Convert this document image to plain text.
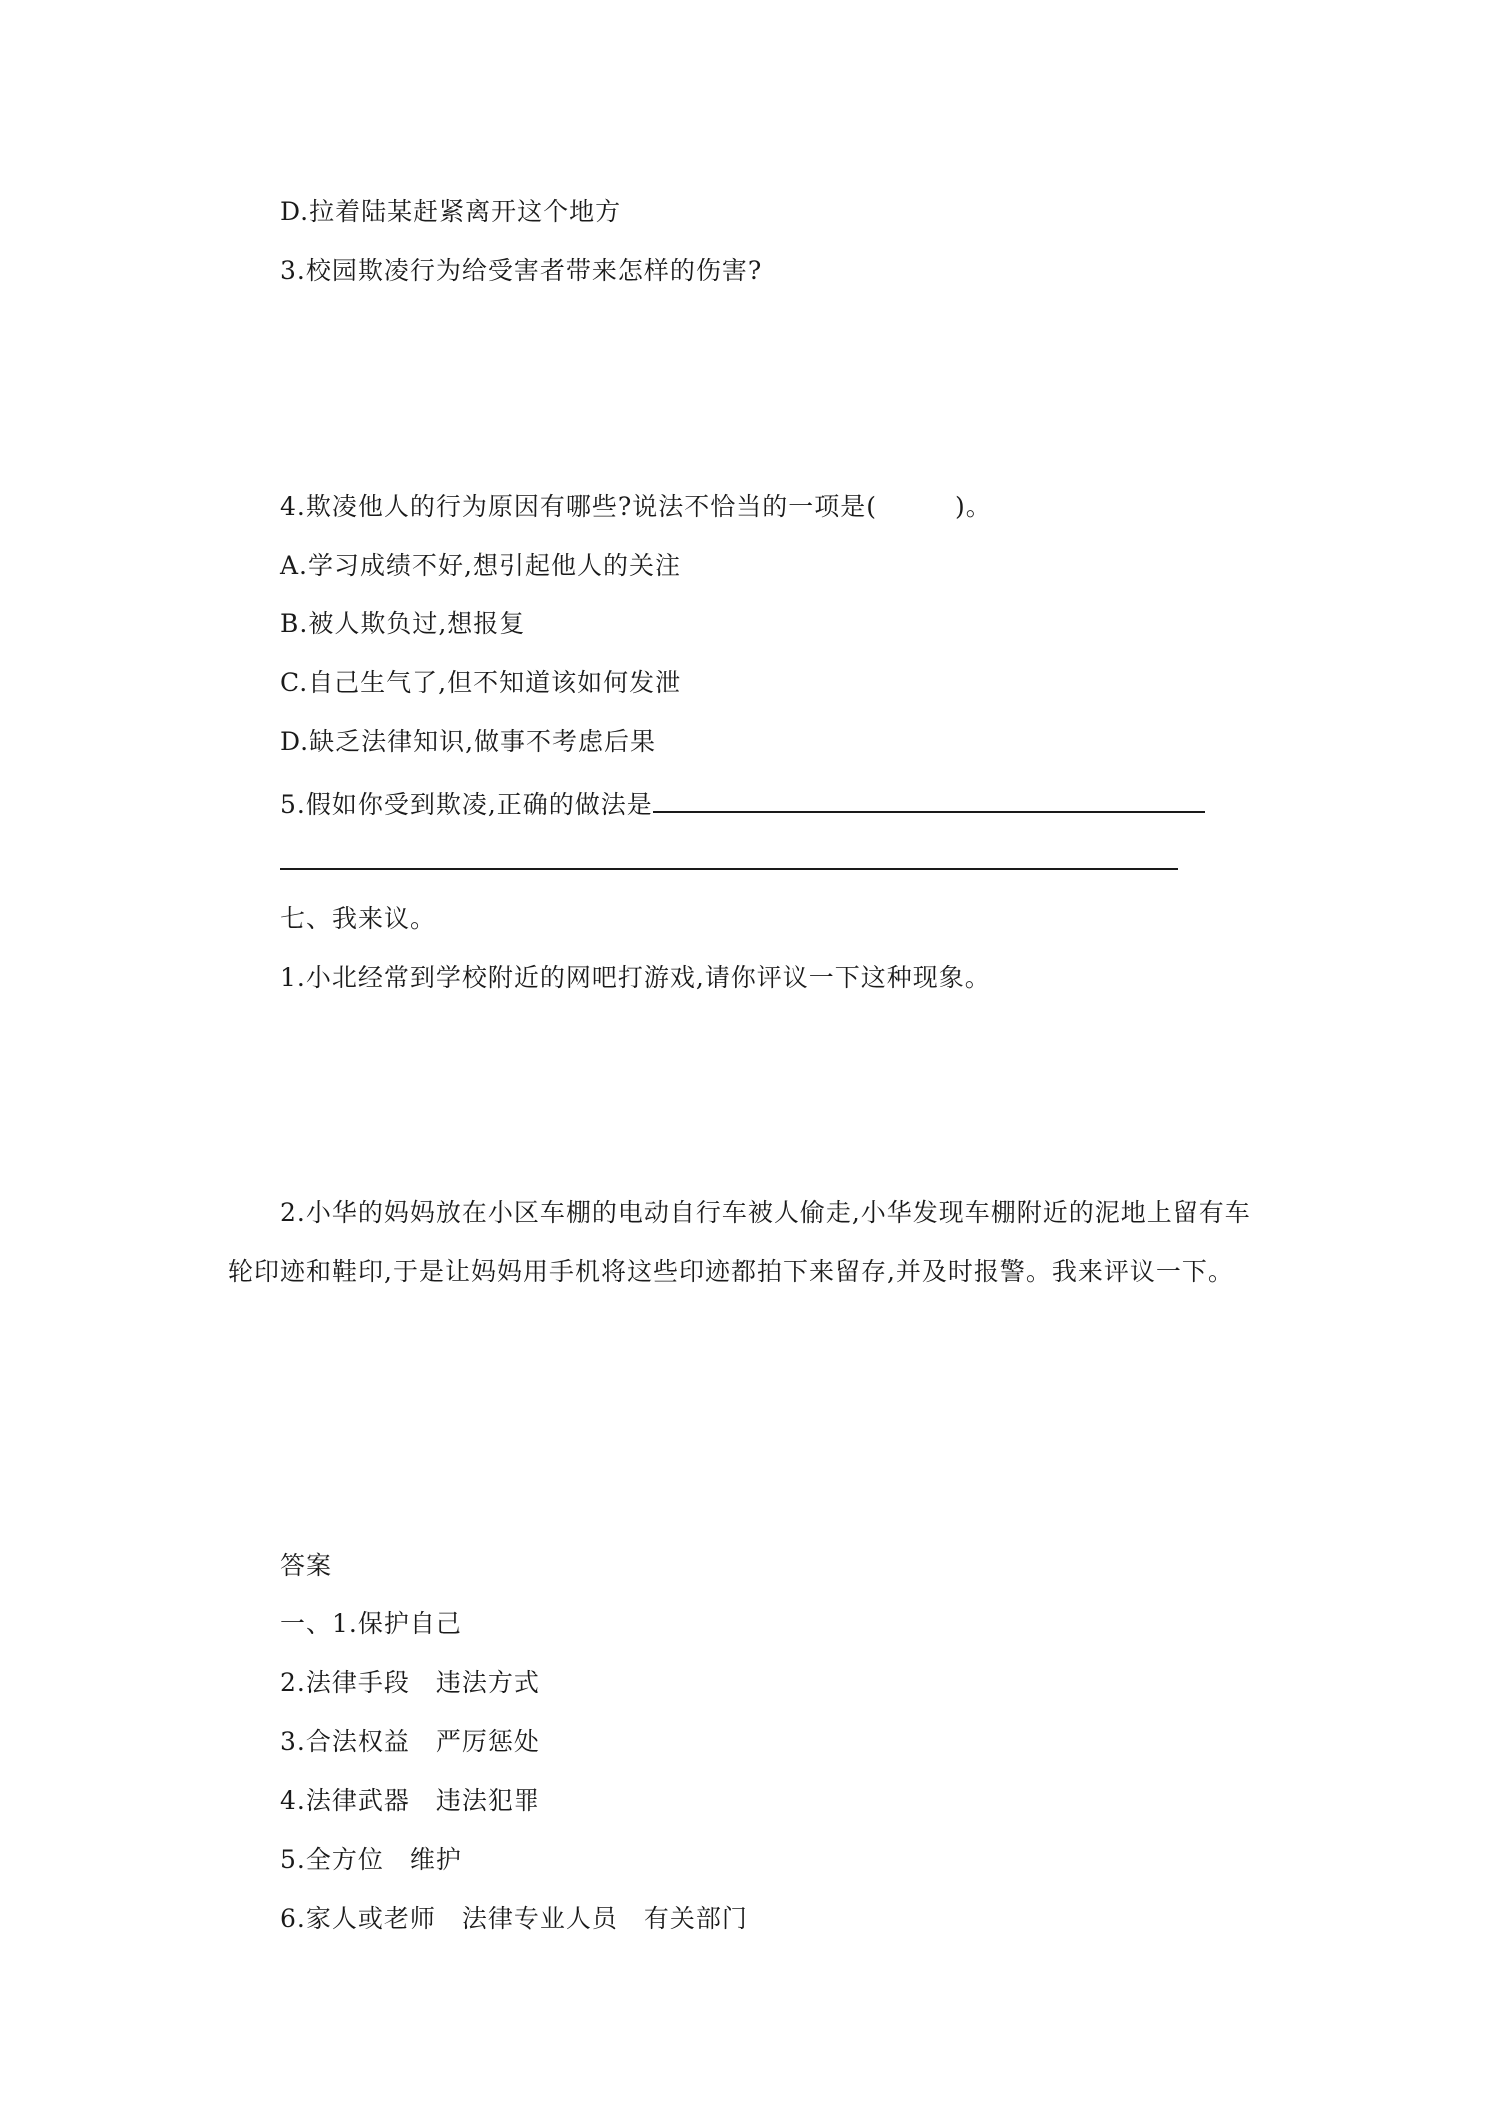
D.拉着陆某赶紧离开这个地方
3.校园欺凌行为给受害者带来怎样的伤害?
4.欺凌他人的行为原因有哪些?说法不恰当的一项是(　　　)。
A.学习成绩不好,想引起他人的关注
B.被人欺负过,想报复
C.自己生气了,但不知道该如何发泄
D.缺乏法律知识,做事不考虑后果
5.假如你受到欺凌,正确的做法是
七、我来议。
1.小北经常到学校附近的网吧打游戏,请你评议一下这种现象。
2.小华的妈妈放在小区车棚的电动自行车被人偷走,小华发现车棚附近的泥地上留有车
轮印迹和鞋印,于是让妈妈用手机将这些印迹都拍下来留存,并及时报警。我来评议一下。
答案
一、1.保护自己
2.法律手段　违法方式
3.合法权益　严厉惩处
4.法律武器　违法犯罪
5.全方位　维护
6.家人或老师　法律专业人员　有关部门
